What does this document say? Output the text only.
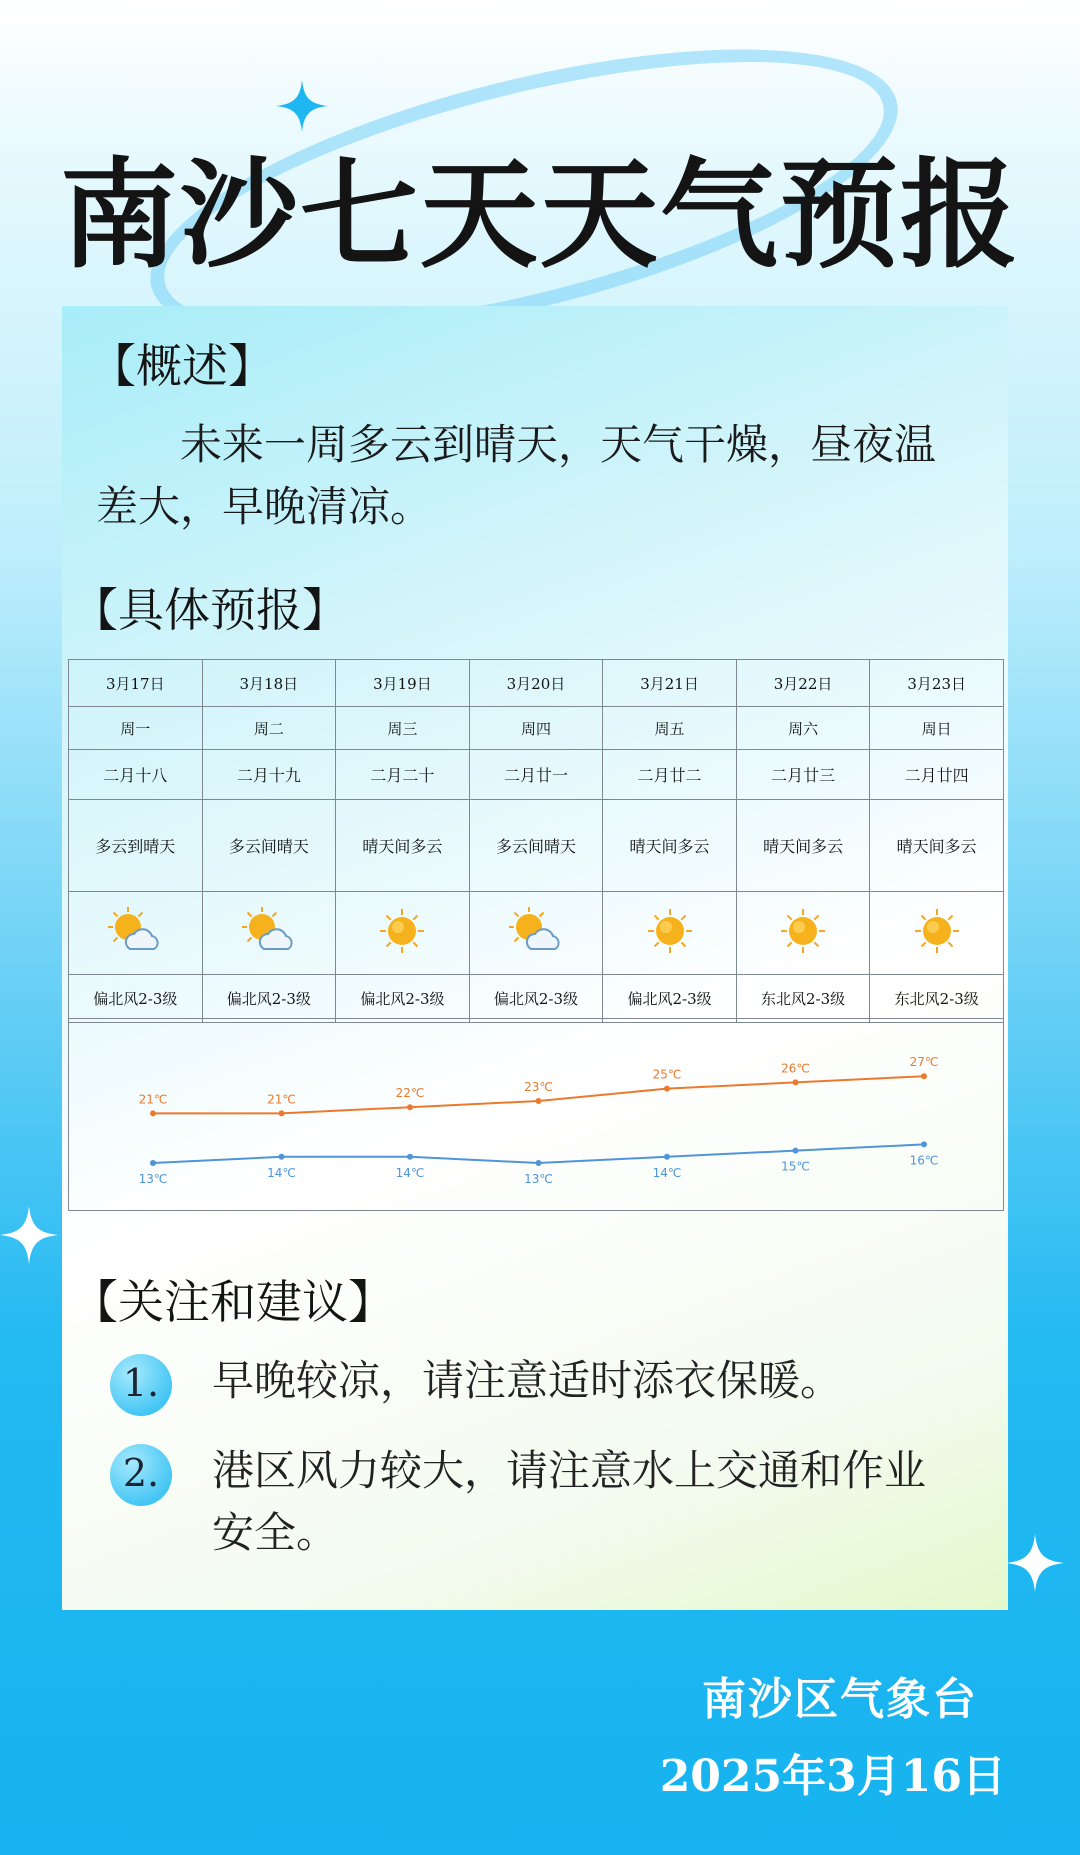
南沙七天天气预报
【概述】
未来一周多云到晴天，天气干燥，昼夜温差大，早晚清凉。
【具体预报】
3月17日	3月18日	3月19日	3月20日	3月21日	3月22日	3月23日
周一	周二	周三	周四	周五	周六	周日
二月十八	二月十九	二月二十	二月廿一	二月廿二	二月廿三	二月廿四
多云到晴天	多云间晴天	晴天间多云	多云间晴天	晴天间多云	晴天间多云	晴天间多云

偏北风2-3级	偏北风2-3级	偏北风2-3级	偏北风2-3级	偏北风2-3级	东北风2-3级	东北风2-3级
21℃	21℃	22℃	23℃
25℃	26℃	27℃
13℃	14℃	14℃	13℃	14℃	15℃	16℃
【关注和建议】
1.	早晚较凉，请注意适时添衣保暖。
2.	港区风力较大，请注意水上交通和作业安全。
南沙区气象台
2025年3月16日
